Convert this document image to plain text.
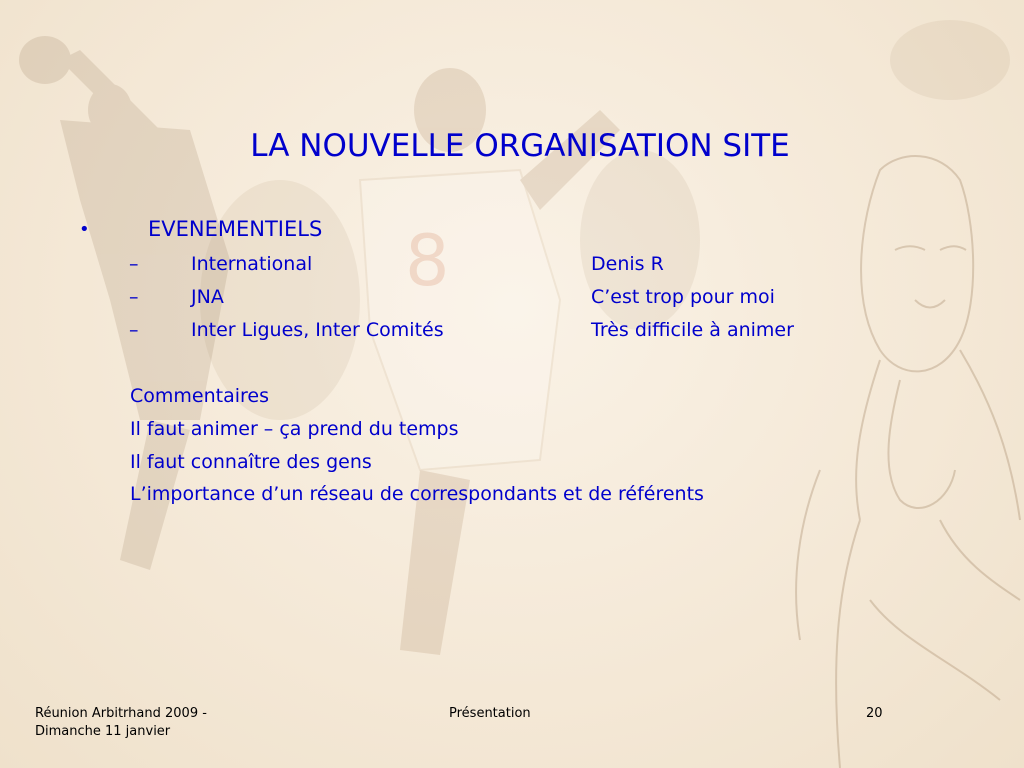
8
LA NOUVELLE ORGANISATION SITE
•	EVENEMENTIELS
–	International	Denis R
–	JNA	C’est trop pour moi
–	Inter Ligues, Inter Comités	Très difficile à animer
Commentaires
Il faut animer – ça prend du temps
Il faut connaître des gens
L’importance d’un réseau de correspondants et de référents
Réunion Arbitrhand 2009 -
Dimanche 11 janvier
Présentation	20
